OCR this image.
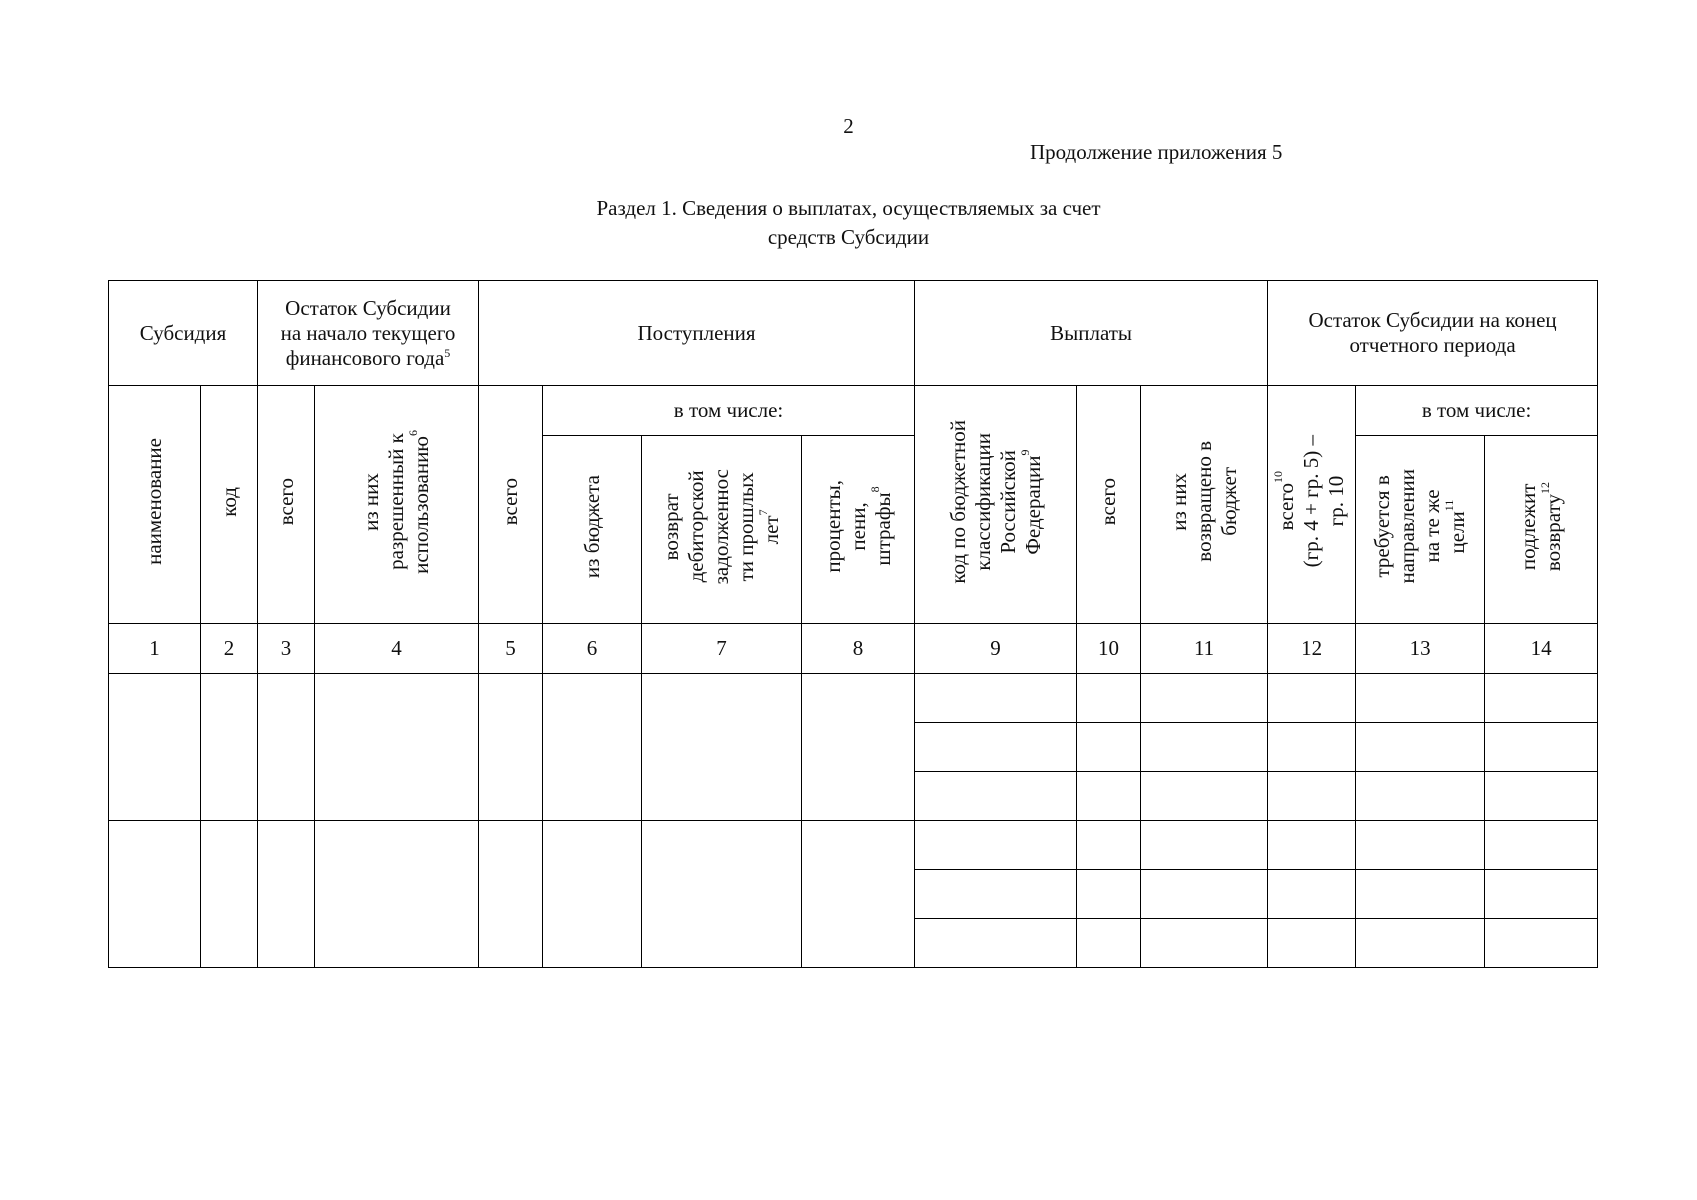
2
Продолжение приложения 5
Раздел 1. Сведения о выплатах, осуществляемых за счет
средств Субсидии
Субсидия		Остаток Субсидии
на начало текущего
финансового года$^5$		Поступления				Выплаты			Остаток Субсидии на конец
отчетного периода		

наименование	код	всего	из них разрешенный к использованию$^6$	всего	в том числе:			код по бюджетной классификации Российской Федерации$^9$	всего	из них возвращено в бюджет	всего$^{10}$ (гр. 4 + гр. 5) – гр. 10	в том числе:	
					из бюджета	возврат дебиторской задолженнос ти прошлых лет$^7$	проценты, пени, штрафы$^8$					требуется в направлении на те же цели$^{11}$	подлежит возврату$^{12}$

1	2	3	4	5	6	7	8	9	10	11	12	13	14
